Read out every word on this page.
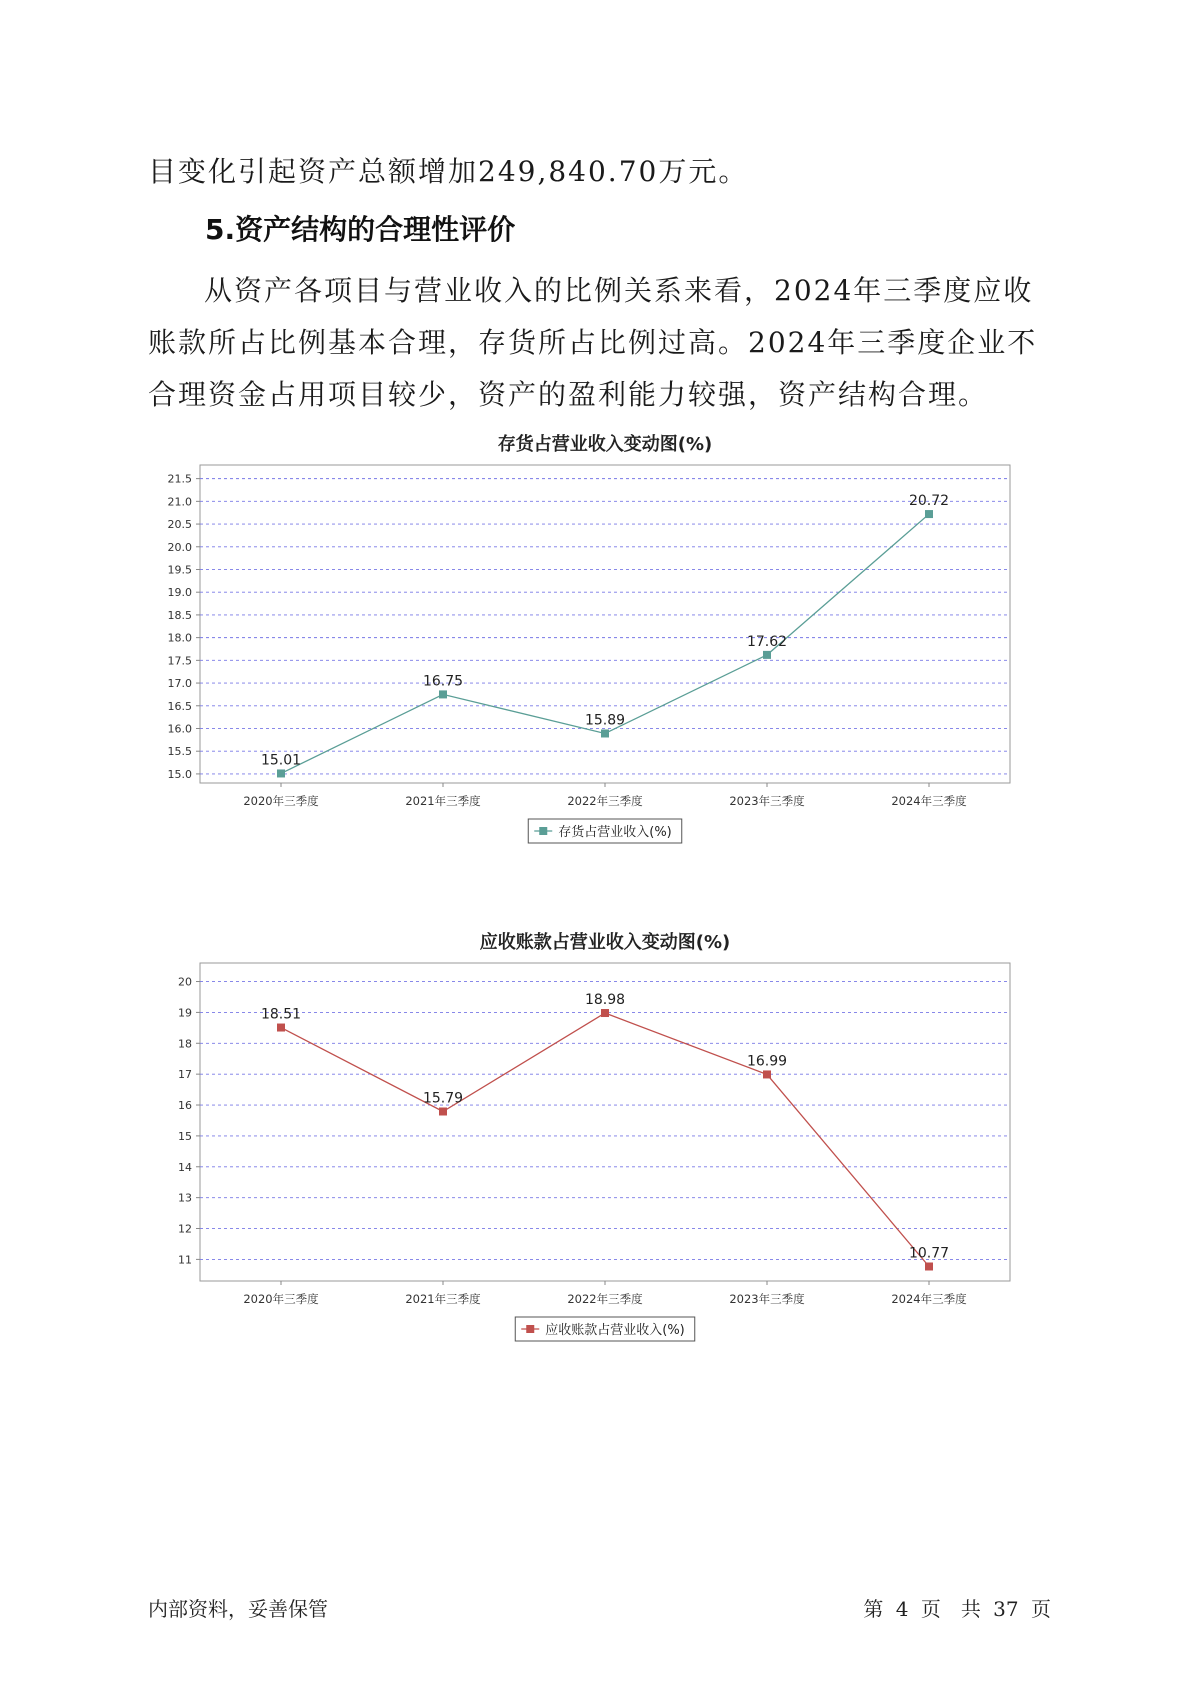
目变化引起资产总额增加249,840.70万元。

5.资产结构的合理性评价

从资产各项目与营业收入的比例关系来看，2024年三季度应收账款所占比例基本合理，存货所占比例过高。2024年三季度企业不合理资金占用项目较少，资产的盈利能力较强，资产结构合理。

存货占营业收入变动图(%)
15.0
15.5
16.0
16.5
17.0
17.5
18.0
18.5
19.0
19.5
20.0
20.5
21.0
21.5
2020年三季度	2021年三季度	2022年三季度	2023年三季度	2024年三季度
15.01
16.75
15.89
17.62
20.72
存货占营业收入(%)
应收账款占营业收入变动图(%)
11
12
13
14
15
16
17
18
19
20
2020年三季度	2021年三季度	2022年三季度	2023年三季度	2024年三季度
18.51
15.79
18.98
16.99
10.77
应收账款占营业收入(%)
内部资料，妥善保管	第 4 页　共 37 页
